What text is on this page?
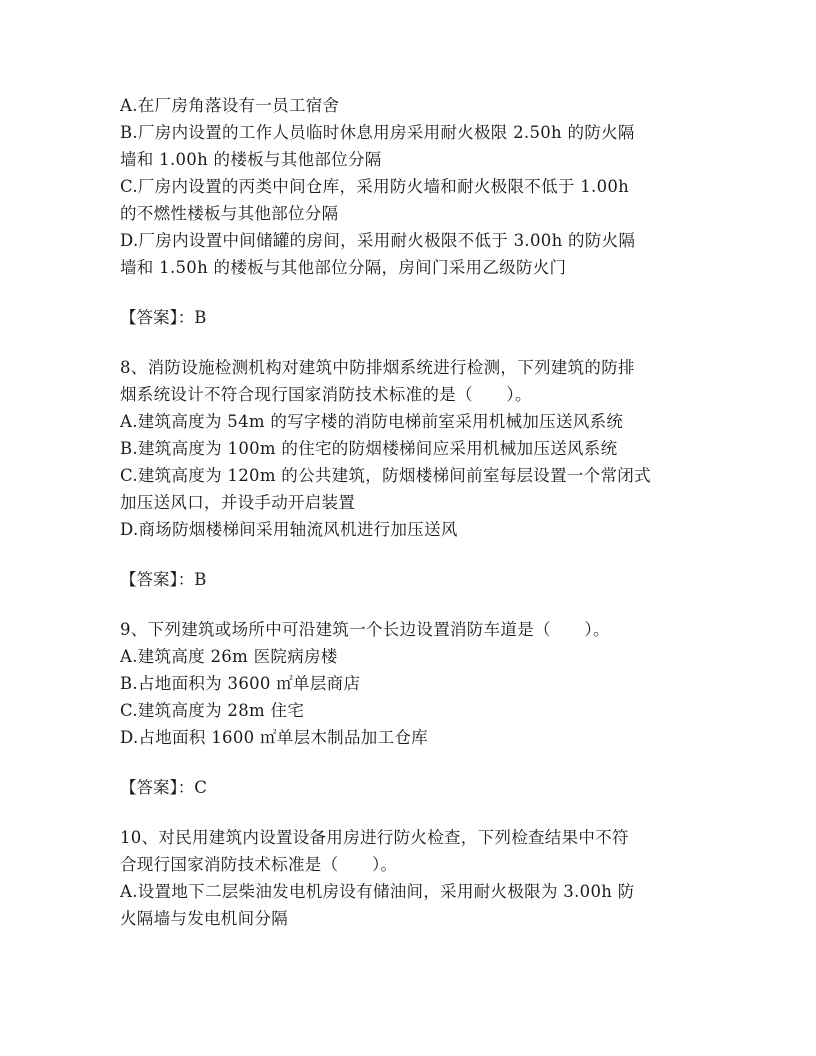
A.在厂房角落设有一员工宿舍
B.厂房内设置的工作人员临时休息用房采用耐火极限 2.50h 的防火隔
墙和 1.00h 的楼板与其他部位分隔
C.厂房内设置的丙类中间仓库，采用防火墙和耐火极限不低于 1.00h
的不燃性楼板与其他部位分隔
D.厂房内设置中间储罐的房间，采用耐火极限不低于 3.00h 的防火隔
墙和 1.50h 的楼板与其他部位分隔，房间门采用乙级防火门
【答案】：B
8、消防设施检测机构对建筑中防排烟系统进行检测，下列建筑的防排
烟系统设计不符合现行国家消防技术标准的是（　　）。
A.建筑高度为 54m 的写字楼的消防电梯前室采用机械加压送风系统
B.建筑高度为 100m 的住宅的防烟楼梯间应采用机械加压送风系统
C.建筑高度为 120m 的公共建筑，防烟楼梯间前室每层设置一个常闭式
加压送风口，并设手动开启装置
D.商场防烟楼梯间采用轴流风机进行加压送风
【答案】：B
9、下列建筑或场所中可沿建筑一个长边设置消防车道是（　　）。
A.建筑高度 26m 医院病房楼
B.占地面积为 3600 ㎡单层商店
C.建筑高度为 28m 住宅
D.占地面积 1600 ㎡单层木制品加工仓库
【答案】：C
10、对民用建筑内设置设备用房进行防火检查，下列检查结果中不符
合现行国家消防技术标准是（　　）。
A.设置地下二层柴油发电机房设有储油间，采用耐火极限为 3.00h 防
火隔墙与发电机间分隔
